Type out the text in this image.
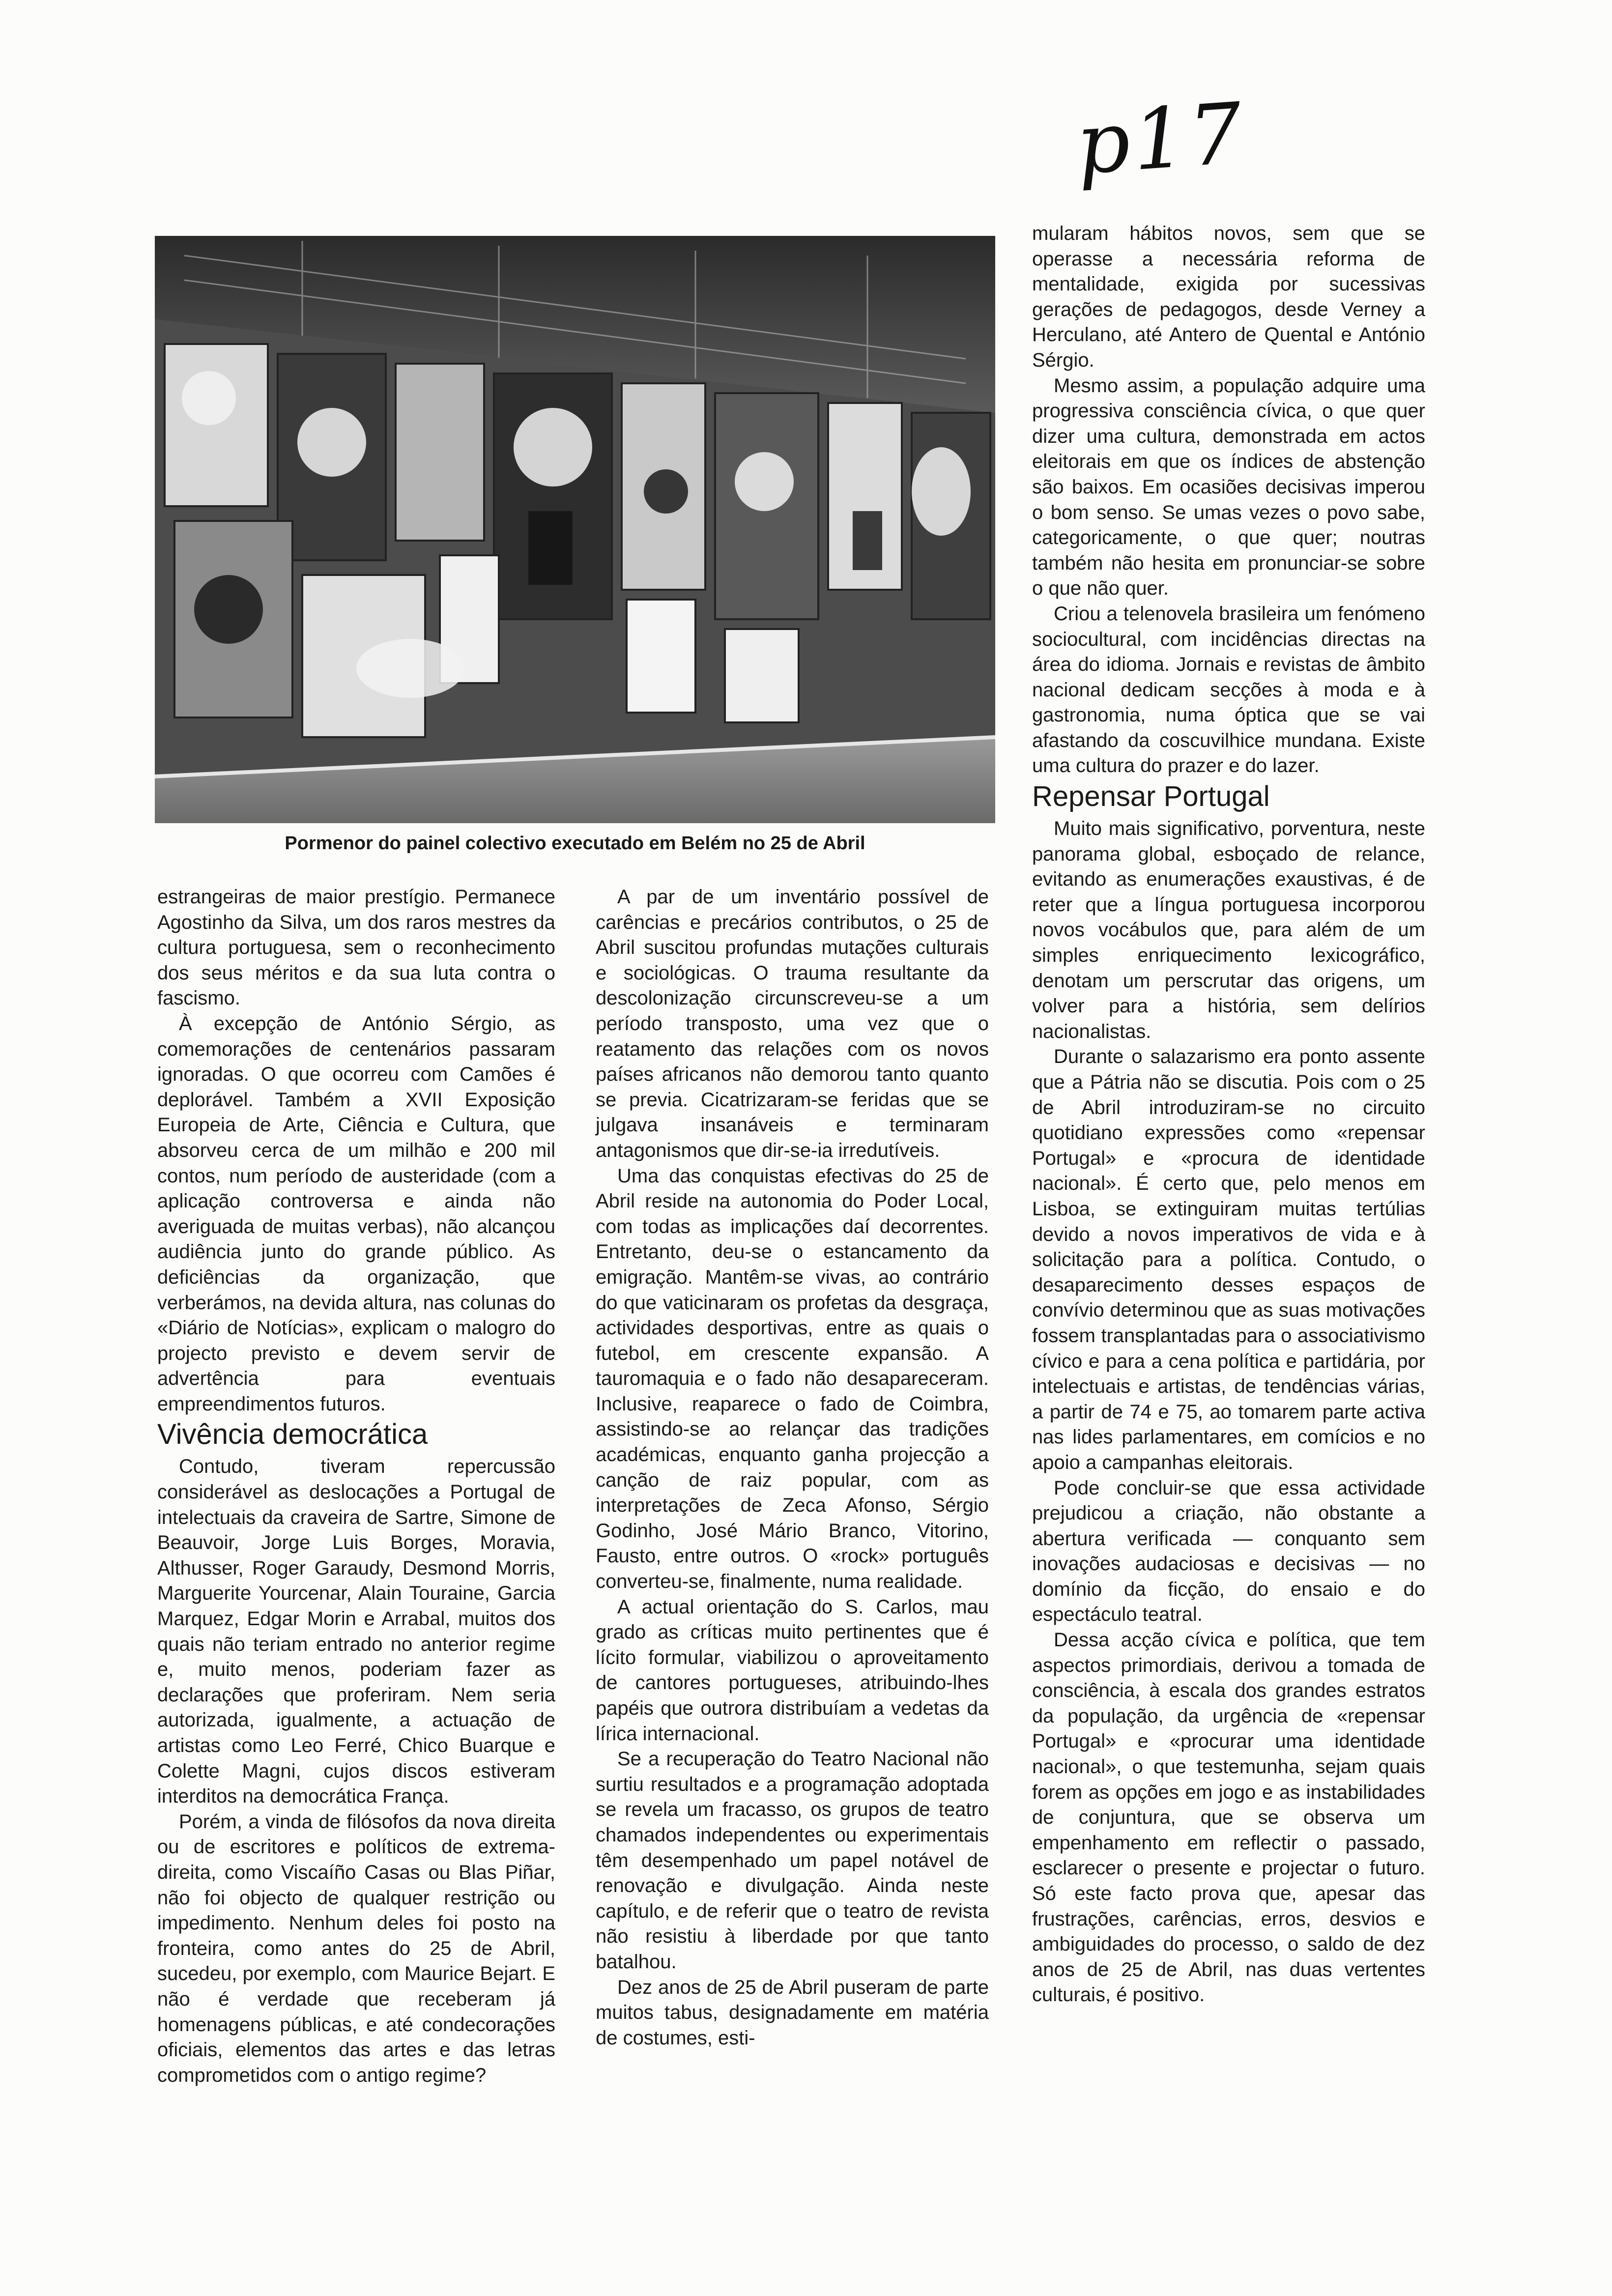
p17
Pormenor do painel colectivo executado em Belém no 25 de Abril

estrangeiras de maior prestígio. Permanece Agostinho da Silva, um dos raros mestres da cultura portuguesa, sem o reconhecimento dos seus méritos e da sua luta contra o fascismo.

À excepção de António Sérgio, as comemorações de centenários passaram ignoradas. O que ocorreu com Camões é deplorável. Também a XVII Exposição Europeia de Arte, Ciência e Cultura, que absorveu cerca de um milhão e 200 mil contos, num período de austeridade (com a aplicação controversa e ainda não averiguada de muitas verbas), não alcançou audiência junto do grande público. As deficiências da organização, que verberámos, na devida altura, nas colunas do «Diário de Notícias», explicam o malogro do projecto previsto e devem servir de advertência para eventuais empreendimentos futuros.

Vivência democrática

Contudo, tiveram repercussão considerável as deslocações a Portugal de intelectuais da craveira de Sartre, Simone de Beauvoir, Jorge Luis Borges, Moravia, Althusser, Roger Garaudy, Desmond Morris, Marguerite Yourcenar, Alain Touraine, Garcia Marquez, Edgar Morin e Arrabal, muitos dos quais não teriam entrado no anterior regime e, muito menos, poderiam fazer as declarações que proferiram. Nem seria autorizada, igualmente, a actuação de artistas como Leo Ferré, Chico Buarque e Colette Magni, cujos discos estiveram interditos na democrática França.

Porém, a vinda de filósofos da nova direita ou de escritores e políticos de extrema-direita, como Viscaíño Casas ou Blas Piñar, não foi objecto de qualquer restrição ou impedimento. Nenhum deles foi posto na fronteira, como antes do 25 de Abril, sucedeu, por exemplo, com Maurice Bejart. E não é verdade que receberam já homenagens públicas, e até condecorações oficiais, elementos das artes e das letras comprometidos com o antigo regime?

A par de um inventário possível de carências e precários contributos, o 25 de Abril suscitou profundas mutações culturais e sociológicas. O trauma resultante da descolonização circunscreveu-se a um período transposto, uma vez que o reatamento das relações com os novos países africanos não demorou tanto quanto se previa. Cicatrizaram-se feridas que se julgava insanáveis e terminaram antagonismos que dir-se-ia irredutíveis.

Uma das conquistas efectivas do 25 de Abril reside na autonomia do Poder Local, com todas as implicações daí decorrentes. Entretanto, deu-se o estancamento da emigração. Mantêm-se vivas, ao contrário do que vaticinaram os profetas da desgraça, actividades desportivas, entre as quais o futebol, em crescente expansão. A tauromaquia e o fado não desapareceram. Inclusive, reaparece o fado de Coimbra, assistindo-se ao relançar das tradições académicas, enquanto ganha projecção a canção de raiz popular, com as interpretações de Zeca Afonso, Sérgio Godinho, José Mário Branco, Vitorino, Fausto, entre outros. O «rock» português converteu-se, finalmente, numa realidade.

A actual orientação do S. Carlos, mau grado as críticas muito pertinentes que é lícito formular, viabilizou o aproveitamento de cantores portugueses, atribuindo-lhes papéis que outrora distribuíam a vedetas da lírica internacional.

Se a recuperação do Teatro Nacional não surtiu resultados e a programação adoptada se revela um fracasso, os grupos de teatro chamados independentes ou experimentais têm desempenhado um papel notável de renovação e divulgação. Ainda neste capítulo, e de referir que o teatro de revista não resistiu à liberdade por que tanto batalhou.

Dez anos de 25 de Abril puseram de parte muitos tabus, designadamente em matéria de costumes, esti-

mularam hábitos novos, sem que se operasse a necessária reforma de mentalidade, exigida por sucessivas gerações de pedagogos, desde Verney a Herculano, até Antero de Quental e António Sérgio.

Mesmo assim, a população adquire uma progressiva consciência cívica, o que quer dizer uma cultura, demonstrada em actos eleitorais em que os índices de abstenção são baixos. Em ocasiões decisivas imperou o bom senso. Se umas vezes o povo sabe, categoricamente, o que quer; noutras também não hesita em pronunciar-se sobre o que não quer.

Criou a telenovela brasileira um fenómeno sociocultural, com incidências directas na área do idioma. Jornais e revistas de âmbito nacional dedicam secções à moda e à gastronomia, numa óptica que se vai afastando da coscuvilhice mundana. Existe uma cultura do prazer e do lazer.

Repensar Portugal

Muito mais significativo, porventura, neste panorama global, esboçado de relance, evitando as enumerações exaustivas, é de reter que a língua portuguesa incorporou novos vocábulos que, para além de um simples enriquecimento lexicográfico, denotam um perscrutar das origens, um volver para a história, sem delírios nacionalistas.

Durante o salazarismo era ponto assente que a Pátria não se discutia. Pois com o 25 de Abril introduziram-se no circuito quotidiano expressões como «repensar Portugal» e «procura de identidade nacional». É certo que, pelo menos em Lisboa, se extinguiram muitas tertúlias devido a novos imperativos de vida e à solicitação para a política. Contudo, o desaparecimento desses espaços de convívio determinou que as suas motivações fossem transplantadas para o associativismo cívico e para a cena política e partidária, por intelectuais e artistas, de tendências várias, a partir de 74 e 75, ao tomarem parte activa nas lides parlamentares, em comícios e no apoio a campanhas eleitorais.

Pode concluir-se que essa actividade prejudicou a criação, não obstante a abertura verificada — conquanto sem inovações audaciosas e decisivas — no domínio da ficção, do ensaio e do espectáculo teatral.

Dessa acção cívica e política, que tem aspectos primordiais, derivou a tomada de consciência, à escala dos grandes estratos da população, da urgência de «repensar Portugal» e «procurar uma identidade nacional», o que testemunha, sejam quais forem as opções em jogo e as instabilidades de conjuntura, que se observa um empenhamento em reflectir o passado, esclarecer o presente e projectar o futuro. Só este facto prova que, apesar das frustrações, carências, erros, desvios e ambiguidades do processo, o saldo de dez anos de 25 de Abril, nas duas vertentes culturais, é positivo.
